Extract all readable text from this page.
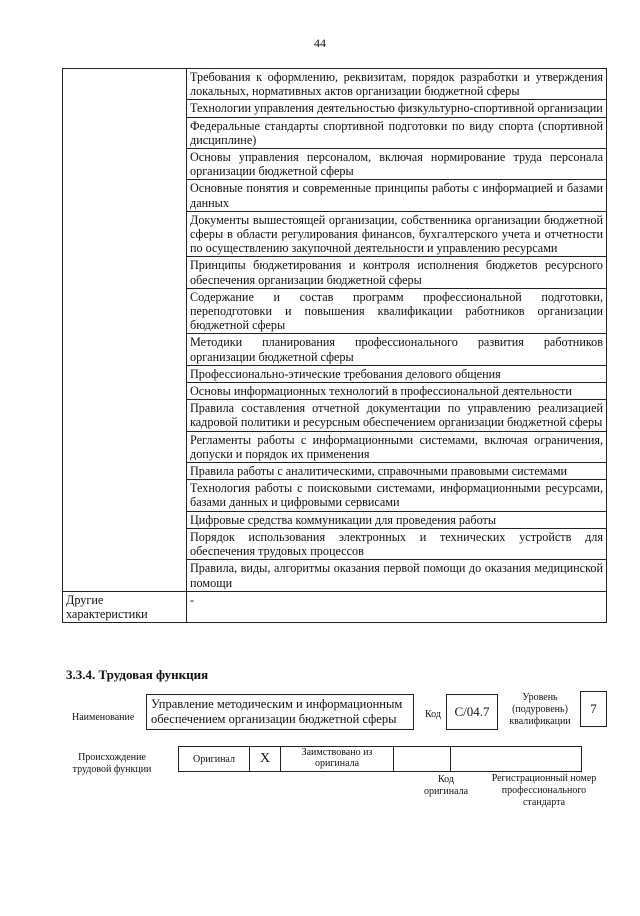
44
	Требования к оформлению, реквизитам, порядок разработки и утверждения локальных, нормативных актов организации бюджетной сферы
	Технологии управления деятельностью физкультурно-спортивной организации
	Федеральные стандарты спортивной подготовки по виду спорта (спортивной дисциплине)
	Основы управления персоналом, включая нормирование труда персонала организации бюджетной сферы
	Основные понятия и современные принципы работы с информацией и базами данных
	Документы вышестоящей организации, собственника организации бюджетной сферы в области регулирования финансов, бухгалтерского учета и отчетности по осуществлению закупочной деятельности и управлению ресурсами
	Принципы бюджетирования и контроля исполнения бюджетов ресурсного обеспечения организации бюджетной сферы
	Содержание и состав программ профессиональной подготовки, переподготовки и повышения квалификации работников организации бюджетной сферы
	Методики планирования профессионального развития работников организации бюджетной сферы
	Профессионально-этические требования делового общения
	Основы информационных технологий в профессиональной деятельности
	Правила составления отчетной документации по управлению реализацией кадровой политики и ресурсным обеспечением организации бюджетной сферы
	Регламенты работы с информационными системами, включая ограничения, допуски и порядок их применения
	Правила работы с аналитическими, справочными правовыми системами
	Технология работы с поисковыми системами, информационными ресурсами, базами данных и цифровыми сервисами
	Цифровые средства коммуникации для проведения работы
	Порядок использования электронных и технических устройств для обеспечения трудовых процессов
	Правила, виды, алгоритмы оказания первой помощи до оказания медицинской помощи
Другие характеристики	-
3.3.4. Трудовая функция
Наименование
Управление методическим и информационным обеспечением организации бюджетной сферы	Код	С/04.7
Уровень (подуровень) квалификации
7
Происхождение трудовой функции
Оригинал	X	Заимствовано из оригинала		
Код оригинала
Регистрационный номер профессионального стандарта
